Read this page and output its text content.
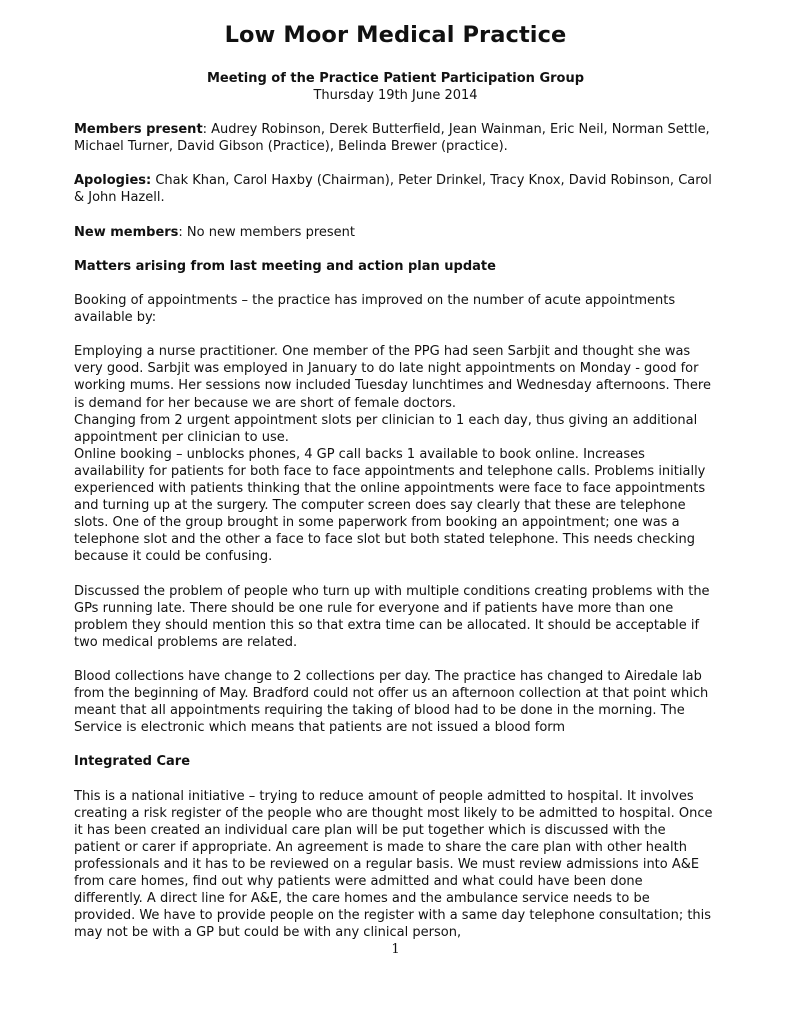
Low Moor Medical Practice
Meeting of the Practice Patient Participation Group
Thursday 19th June 2014

Members present: Audrey Robinson, Derek Butterfield, Jean Wainman, Eric Neil, Norman Settle, Michael Turner, David Gibson (Practice), Belinda Brewer (practice).

Apologies: Chak Khan, Carol Haxby (Chairman), Peter Drinkel, Tracy Knox, David Robinson, Carol & John Hazell.

New members: No new members present

Matters arising from last meeting and action plan update

Booking of appointments – the practice has improved on the number of acute appointments available by:

Employing a nurse practitioner. One member of the PPG had seen Sarbjit and thought she was very good. Sarbjit was employed in January to do late night appointments on Monday - good for working mums. Her sessions now included Tuesday lunchtimes and Wednesday afternoons. There is demand for her because we are short of female doctors.

Changing from 2 urgent appointment slots per clinician to 1 each day, thus giving an additional appointment per clinician to use.

Online booking – unblocks phones, 4 GP call backs 1 available to book online. Increases availability for patients for both face to face appointments and telephone calls. Problems initially experienced with patients thinking that the online appointments were face to face appointments and turning up at the surgery. The computer screen does say clearly that these are telephone slots. One of the group brought in some paperwork from booking an appointment; one was a telephone slot and the other a face to face slot but both stated telephone. This needs checking because it could be confusing.

Discussed the problem of people who turn up with multiple conditions creating problems with the GPs running late. There should be one rule for everyone and if patients have more than one problem they should mention this so that extra time can be allocated. It should be acceptable if two medical problems are related.

Blood collections have change to 2 collections per day. The practice has changed to Airedale lab from the beginning of May. Bradford could not offer us an afternoon collection at that point which meant that all appointments requiring the taking of blood had to be done in the morning. The Service is electronic which means that patients are not issued a blood form

Integrated Care

This is a national initiative – trying to reduce amount of people admitted to hospital. It involves creating a risk register of the people who are thought most likely to be admitted to hospital. Once it has been created an individual care plan will be put together which is discussed with the patient or carer if appropriate. An agreement is made to share the care plan with other health professionals and it has to be reviewed on a regular basis. We must review admissions into A&E from care homes, find out why patients were admitted and what could have been done differently. A direct line for A&E, the care homes and the ambulance service needs to be provided. We have to provide people on the register with a same day telephone consultation; this may not be with a GP but could be with any clinical person,

1
